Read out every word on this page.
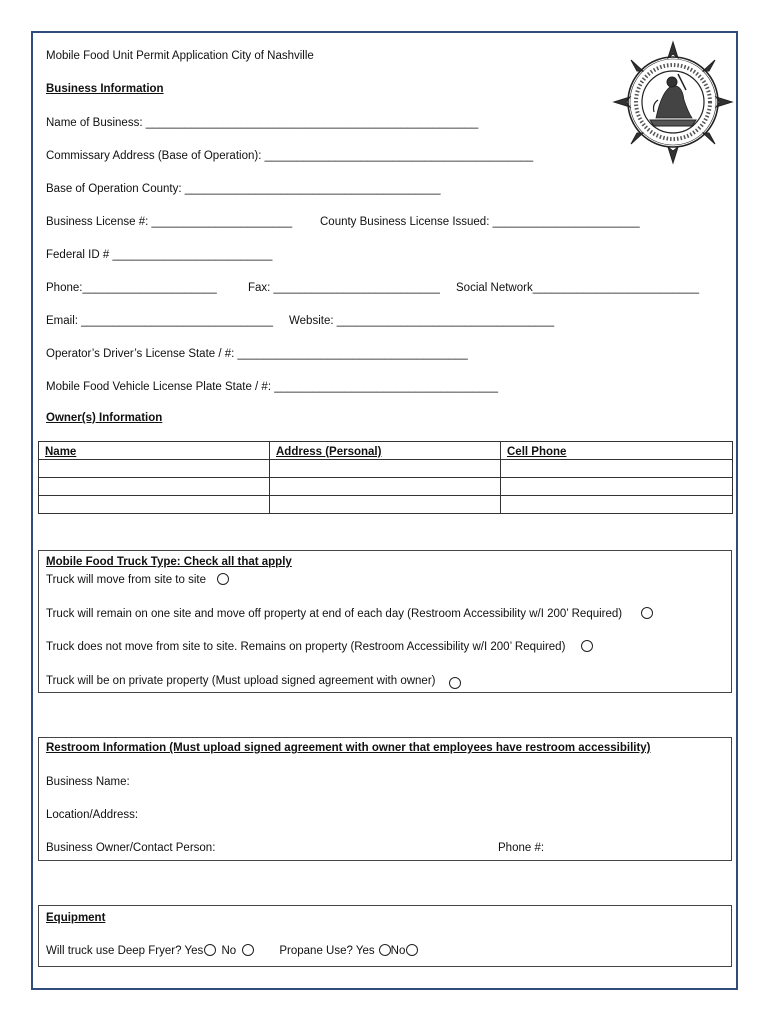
Mobile Food Unit Permit Application City of Nashville
Business Information
Name of Business: ____________________________________________________
Commissary Address (Base of Operation): __________________________________________
Base of Operation County: ________________________________________
Business License #: ______________________ County Business License Issued: _______________________
Federal ID # _________________________
Phone:_____________________	Fax: __________________________ Social Network__________________________
Email: ______________________________ Website: __________________________________
Operator’s Driver’s License State / #: ____________________________________
Mobile Food Vehicle License Plate State / #: ___________________________________
Owner(s) Information
Name	Address (Personal)	Cell Phone

Mobile Food Truck Type: Check all that apply
Truck will move from site to site
Truck will remain on one site and move off property at end of each day (Restroom Accessibility w/I 200’ Required)
Truck does not move from site to site. Remains on property (Restroom Accessibility w/I 200’ Required)
Truck will be on private property (Must upload signed agreement with owner)
Restroom Information (Must upload signed agreement with owner that employees have restroom accessibility)
Business Name:
Location/Address:
Business Owner/Contact Person:	Phone #:
Equipment
Will truck use Deep Fryer? Yes No	Propane Use? Yes No
